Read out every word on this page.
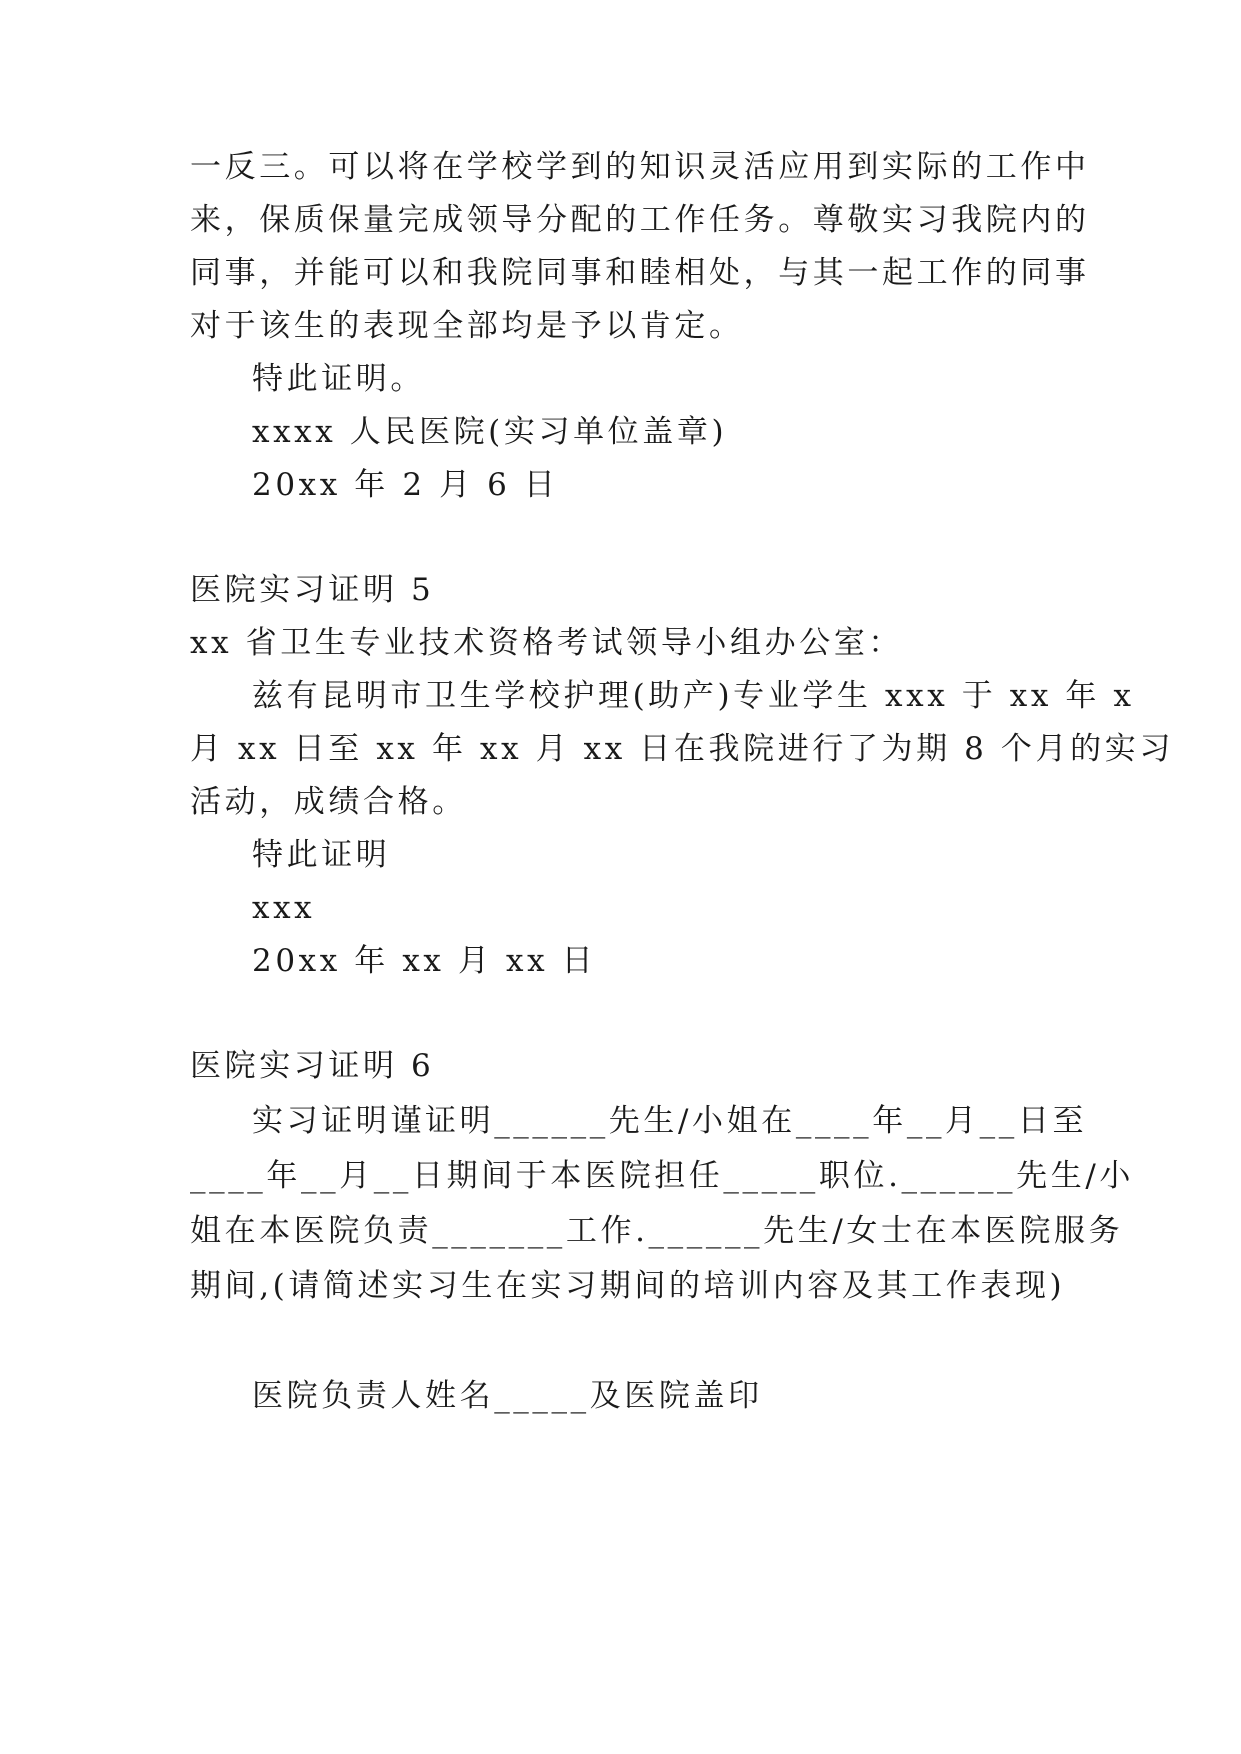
一反三。可以将在学校学到的知识灵活应用到实际的工作中
来，保质保量完成领导分配的工作任务。尊敬实习我院内的
同事，并能可以和我院同事和睦相处，与其一起工作的同事
对于该生的表现全部均是予以肯定。
特此证明。
xxxx 人民医院(实习单位盖章)
20xx 年 2 月 6 日
医院实习证明 5
xx 省卫生专业技术资格考试领导小组办公室：
兹有昆明市卫生学校护理(助产)专业学生 xxx 于 xx 年 x
月 xx 日至 xx 年 xx 月 xx 日在我院进行了为期 8 个月的实习
活动，成绩合格。
特此证明
xxx
20xx 年 xx 月 xx 日
医院实习证明 6
实习证明谨证明______先生/小姐在____年__月__日至
____年__月__日期间于本医院担任_____职位.______先生/小
姐在本医院负责_______工作.______先生/女士在本医院服务
期间,(请简述实习生在实习期间的培训内容及其工作表现)
医院负责人姓名_____及医院盖印
